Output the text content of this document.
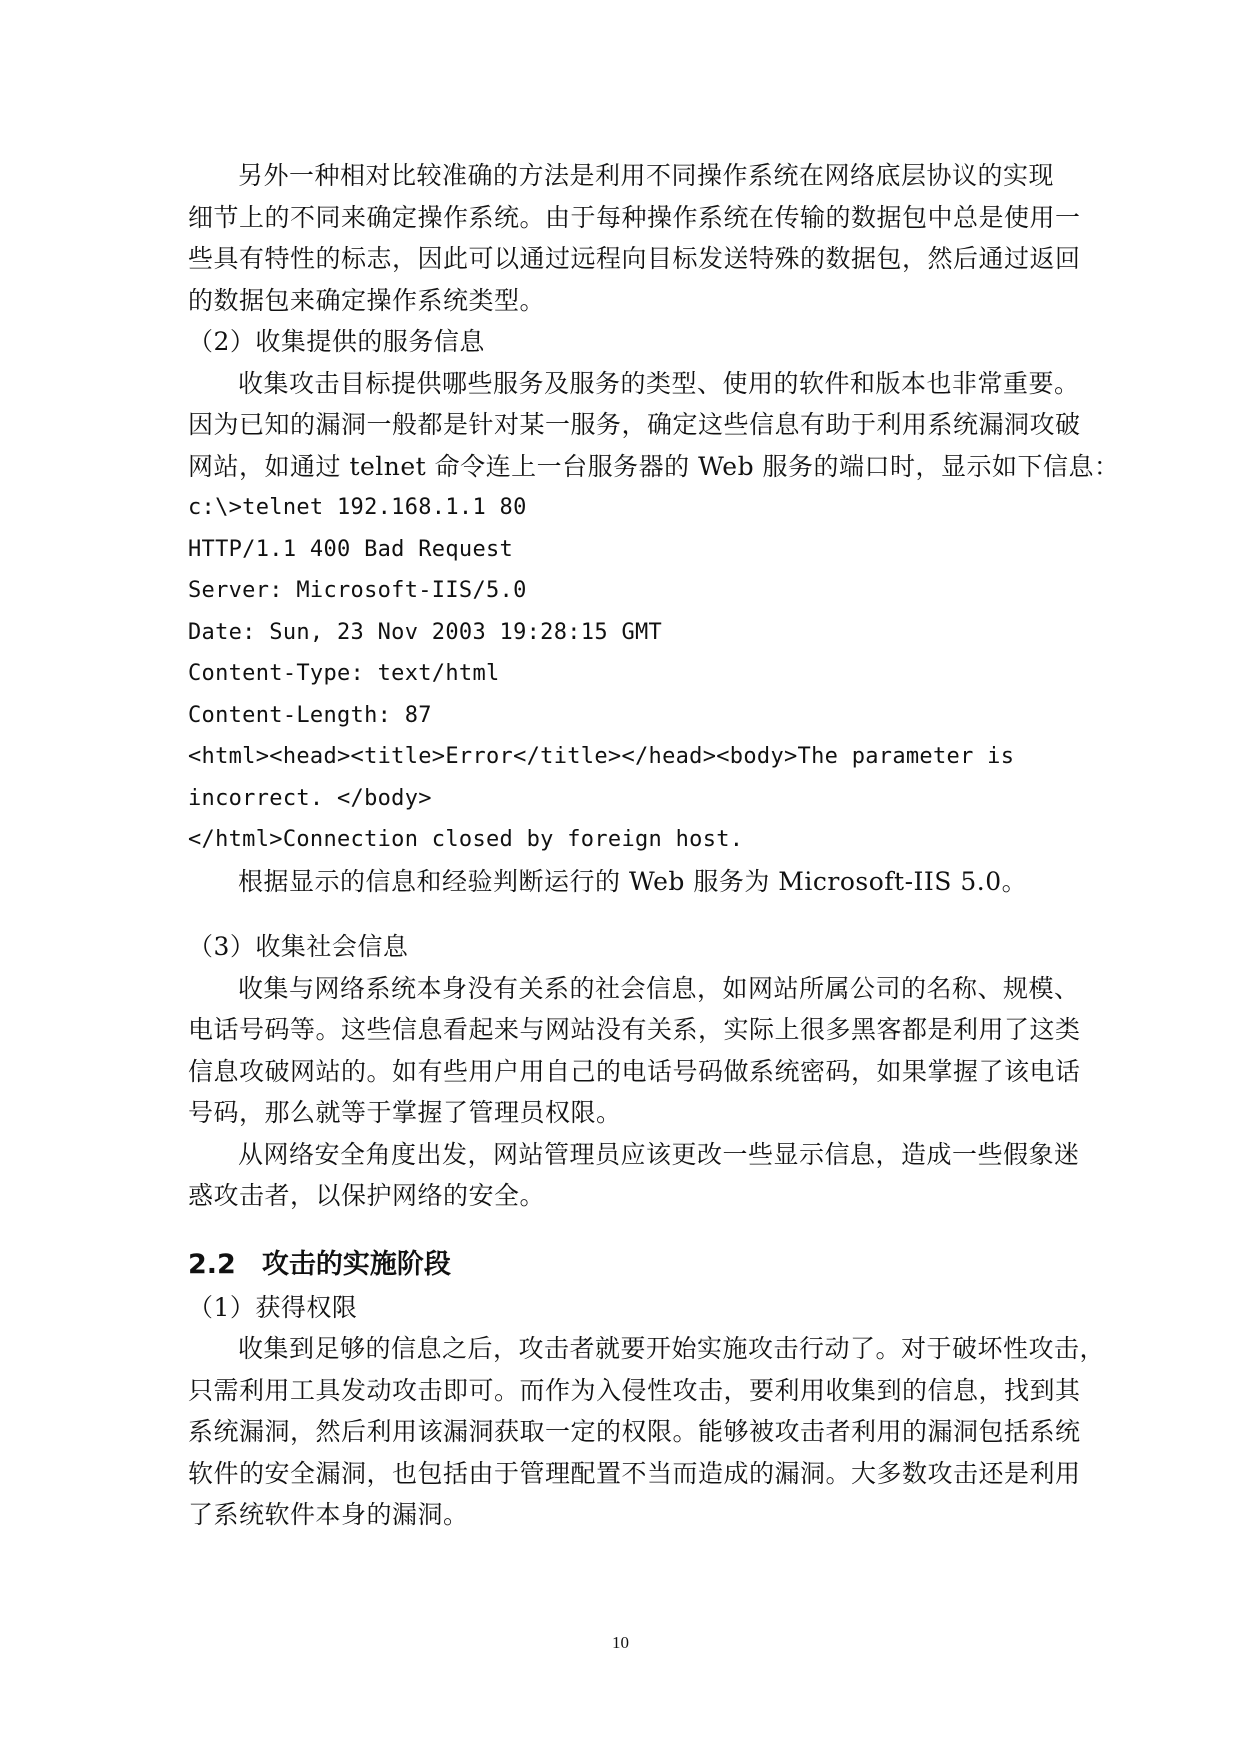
另外一种相对比较准确的方法是利用不同操作系统在网络底层协议的实现
细节上的不同来确定操作系统。由于每种操作系统在传输的数据包中总是使用一
些具有特性的标志，因此可以通过远程向目标发送特殊的数据包，然后通过返回
的数据包来确定操作系统类型。
（2）收集提供的服务信息
收集攻击目标提供哪些服务及服务的类型、使用的软件和版本也非常重要。
因为已知的漏洞一般都是针对某一服务，确定这些信息有助于利用系统漏洞攻破
网站，如通过 telnet 命令连上一台服务器的 Web 服务的端口时，显示如下信息：
c:\>telnet 192.168.1.1 80
HTTP/1.1 400 Bad Request
Server: Microsoft-IIS/5.0
Date: Sun, 23 Nov 2003 19:28:15 GMT
Content-Type: text/html
Content-Length: 87
<html><head><title>Error</title></head><body>The parameter is
incorrect. </body>
</html>Connection closed by foreign host.
根据显示的信息和经验判断运行的 Web 服务为 Microsoft-IIS 5.0。
（3）收集社会信息
收集与网络系统本身没有关系的社会信息，如网站所属公司的名称、规模、
电话号码等。这些信息看起来与网站没有关系，实际上很多黑客都是利用了这类
信息攻破网站的。如有些用户用自己的电话号码做系统密码，如果掌握了该电话
号码，那么就等于掌握了管理员权限。
从网络安全角度出发，网站管理员应该更改一些显示信息，造成一些假象迷
惑攻击者，以保护网络的安全。
2.2 攻击的实施阶段
（1）获得权限
收集到足够的信息之后，攻击者就要开始实施攻击行动了。对于破坏性攻击，
只需利用工具发动攻击即可。而作为入侵性攻击，要利用收集到的信息，找到其
系统漏洞，然后利用该漏洞获取一定的权限。能够被攻击者利用的漏洞包括系统
软件的安全漏洞，也包括由于管理配置不当而造成的漏洞。大多数攻击还是利用
了系统软件本身的漏洞。
10
